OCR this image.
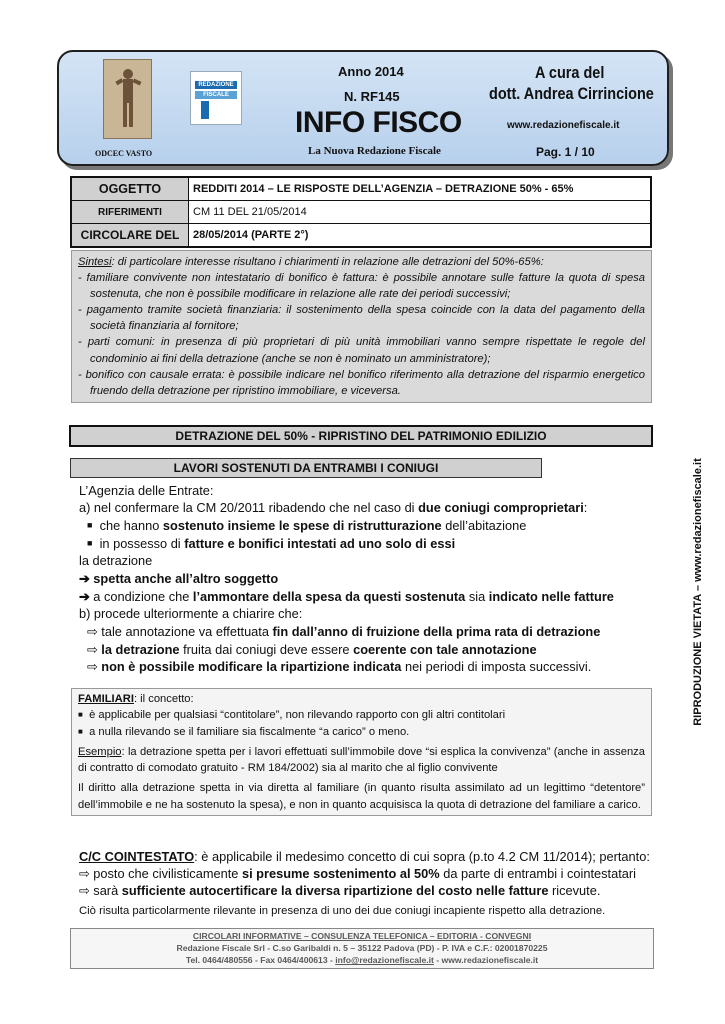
ODCEC VASTO
REDAZIONE
FISCALE
Anno 2014
N. RF145
INFO FISCO
La Nuova Redazione Fiscale
A cura del
dott. Andrea Cirrincione
www.redazionefiscale.it
Pag. 1 / 10
OGGETTO	REDDITI 2014 – LE RISPOSTE DELL’AGENZIA – DETRAZIONE 50% - 65%
RIFERIMENTI	CM 11 DEL 21/05/2014
CIRCOLARE DEL	28/05/2014 (PARTE 2°)
Sintesi: di particolare interesse risultano i chiarimenti in relazione alle detrazioni del 50%-65%:
- familiare convivente non intestatario di bonifico è fattura: è possibile annotare sulle fatture la quota di spesa sostenuta, che non è possibile modificare in relazione alle rate dei periodi successivi;
- pagamento tramite società finanziaria: il sostenimento della spesa coincide con la data del pagamento della società finanziaria al fornitore;
- parti comuni: in presenza di più proprietari di più unità immobiliari vanno sempre rispettate le regole del condominio ai fini della detrazione (anche se non è nominato un amministratore);
- bonifico con causale errata: è possibile indicare nel bonifico riferimento alla detrazione del risparmio energetico fruendo della detrazione per ripristino immobiliare, e viceversa.
DETRAZIONE DEL 50% - RIPRISTINO DEL PATRIMONIO EDILIZIO
LAVORI SOSTENUTI DA ENTRAMBI I CONIUGI
L’Agenzia delle Entrate:
a) nel confermare la CM 20/2011 ribadendo che nel caso di due coniugi comproprietari:
■ che hanno sostenuto insieme le spese di ristrutturazione dell’abitazione
■ in possesso di fatture e bonifici intestati ad uno solo di essi
la detrazione
➔ spetta anche all’altro soggetto
➔ a condizione che l’ammontare della spesa da questi sostenuta sia indicato nelle fatture
b) procede ulteriormente a chiarire che:
⇨ tale annotazione va effettuata fin dall’anno di fruizione della prima rata di detrazione
⇨ la detrazione fruita dai coniugi deve essere coerente con tale annotazione
⇨ non è possibile modificare la ripartizione indicata nei periodi di imposta successivi.

FAMILIARI: il concetto:

■ è applicabile per qualsiasi “contitolare”, non rilevando rapporto con gli altri contitolari

■ a nulla rilevando se il familiare sia fiscalmente “a carico” o meno.

Esempio: la detrazione spetta per i lavori effettuati sull’immobile dove “si esplica la convivenza” (anche in assenza di contratto di comodato gratuito - RM 184/2002) sia al marito che al figlio convivente

Il diritto alla detrazione spetta in via diretta al familiare (in quanto risulta assimilato ad un legittimo “detentore” dell’immobile e ne ha sostenuto la spesa), e non in quanto acquisisca la quota di detrazione del familiare a carico.

C/C COINTESTATO: è applicabile il medesimo concetto di cui sopra (p.to 4.2 CM 11/2014); pertanto:
⇨ posto che civilisticamente si presume sostenimento al 50% da parte di entrambi i cointestatari
⇨ sarà sufficiente autocertificare la diversa ripartizione del costo nelle fatture ricevute.
Ciò risulta particolarmente rilevante in presenza di uno dei due coniugi incapiente rispetto alla detrazione.
CIRCOLARI INFORMATIVE – CONSULENZA TELEFONICA – EDITORIA - CONVEGNI
Redazione Fiscale Srl - C.so Garibaldi n. 5 – 35122 Padova (PD) - P. IVA e C.F.: 02001870225
Tel. 0464/480556 - Fax 0464/400613 - info@redazionefiscale.it - www.redazionefiscale.it
RIPRODUZIONE VIETATA – www.redazionefiscale.it
